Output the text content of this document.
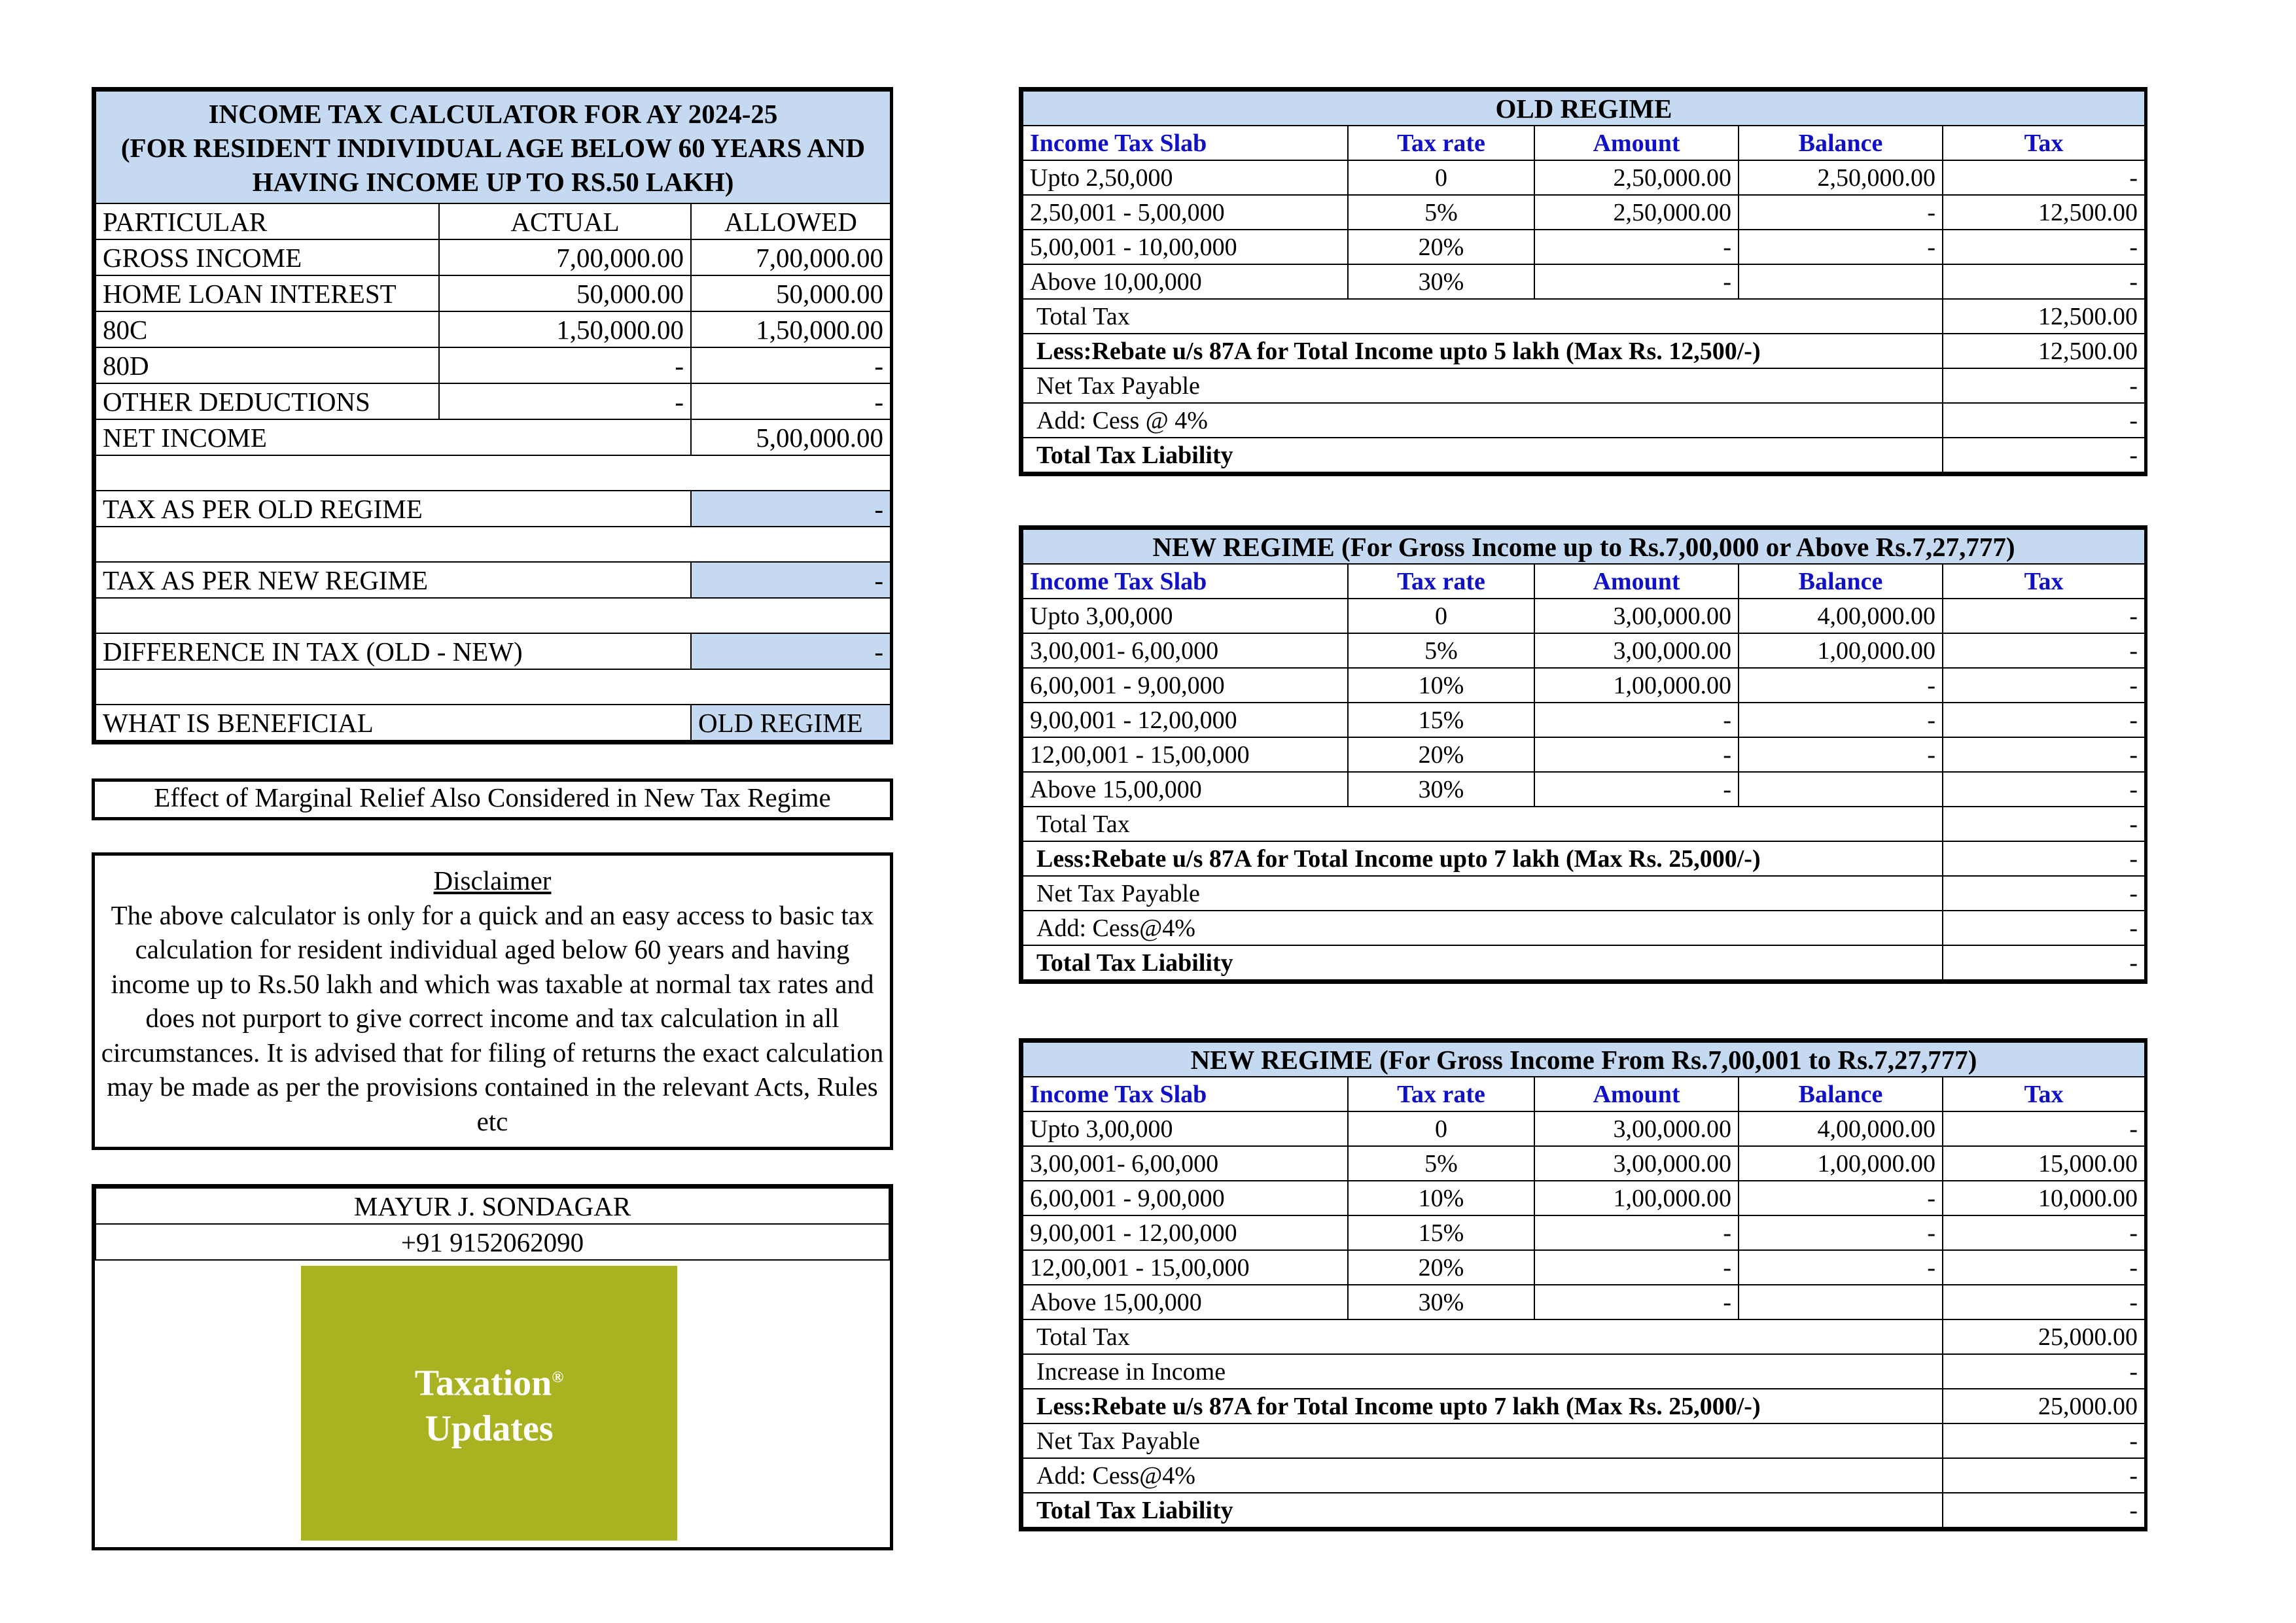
INCOME TAX CALCULATOR FOR AY 2024-25
(FOR RESIDENT INDIVIDUAL AGE BELOW 60 YEARS AND
HAVING INCOME UP TO RS.50 LAKH)		

PARTICULAR	ACTUAL	ALLOWED
GROSS INCOME	7,00,000.00	7,00,000.00
HOME LOAN INTEREST	50,000.00	50,000.00
80C	1,50,000.00	1,50,000.00
80D	-	-
OTHER DEDUCTIONS	-	-
NET INCOME		5,00,000.00

TAX AS PER OLD REGIME		-

TAX AS PER NEW REGIME		-

DIFFERENCE IN TAX (OLD - NEW)		-

WHAT IS BENEFICIAL		OLD REGIME
Effect of Marginal Relief Also Considered in New Tax Regime
Disclaimer
The above calculator is only for a quick and an easy access to basic tax calculation for resident individual aged below 60 years and having income up to Rs.50 lakh and which was taxable at normal tax rates and does not purport to give correct income and tax calculation in all circumstances. It is advised that for filing of returns the exact calculation may be made as per the provisions contained in the relevant Acts, Rules etc
MAYUR J. SONDAGAR
+91 9152062090
Taxation®
Updates
OLD REGIME				
Income Tax Slab	Tax rate	Amount	Balance	Tax
Upto 2,50,000	0	2,50,000.00	2,50,000.00	-
2,50,001 - 5,00,000	5%	2,50,000.00	-	12,500.00
5,00,001 - 10,00,000	20%	-	-	-
Above 10,00,000	30%	-		-
Total Tax				12,500.00
Less:Rebate u/s 87A for Total Income upto 5 lakh (Max Rs. 12,500/-)				12,500.00
Net Tax Payable				-
Add: Cess @ 4%				-
Total Tax Liability				-
NEW REGIME (For Gross Income up to Rs.7,00,000 or Above Rs.7,27,777)				
Income Tax Slab	Tax rate	Amount	Balance	Tax
Upto 3,00,000	0	3,00,000.00	4,00,000.00	-
3,00,001- 6,00,000	5%	3,00,000.00	1,00,000.00	-
6,00,001 - 9,00,000	10%	1,00,000.00	-	-
9,00,001 - 12,00,000	15%	-	-	-
12,00,001 - 15,00,000	20%	-	-	-
Above 15,00,000	30%	-		-
Total Tax				-
Less:Rebate u/s 87A for Total Income upto 7 lakh (Max Rs. 25,000/-)				-
Net Tax Payable				-
Add: Cess@4%				-
Total Tax Liability				-
NEW REGIME (For Gross Income From Rs.7,00,001 to Rs.7,27,777)				
Income Tax Slab	Tax rate	Amount	Balance	Tax
Upto 3,00,000	0	3,00,000.00	4,00,000.00	-
3,00,001- 6,00,000	5%	3,00,000.00	1,00,000.00	15,000.00
6,00,001 - 9,00,000	10%	1,00,000.00	-	10,000.00
9,00,001 - 12,00,000	15%	-	-	-
12,00,001 - 15,00,000	20%	-	-	-
Above 15,00,000	30%	-		-
Total Tax				25,000.00
Increase in Income				-
Less:Rebate u/s 87A for Total Income upto 7 lakh (Max Rs. 25,000/-)				25,000.00
Net Tax Payable				-
Add: Cess@4%				-
Total Tax Liability				-
